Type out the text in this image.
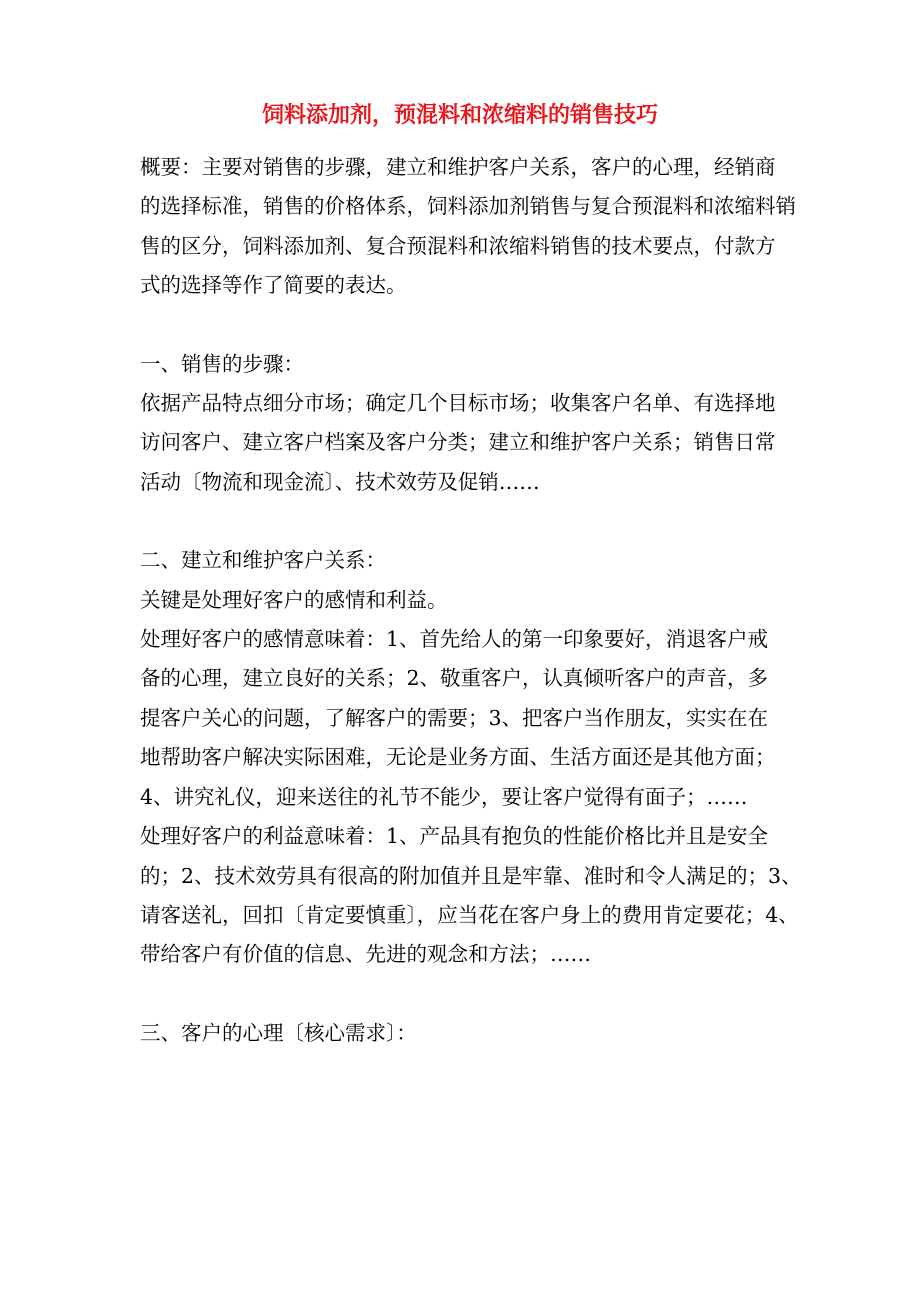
饲料添加剂，预混料和浓缩料的销售技巧

概要：主要对销售的步骤，建立和维护客户关系，客户的心理，经销商
的选择标准，销售的价格体系，饲料添加剂销售与复合预混料和浓缩料销
售的区分，饲料添加剂、复合预混料和浓缩料销售的技术要点，付款方
式的选择等作了简要的表达。

一、销售的步骤：

依据产品特点细分市场；确定几个目标市场；收集客户名单、有选择地
访问客户、建立客户档案及客户分类；建立和维护客户关系；销售日常
活动〔物流和现金流〕、技术效劳及促销……

二、建立和维护客户关系：

关键是处理好客户的感情和利益。

处理好客户的感情意味着：1、首先给人的第一印象要好，消退客户戒
备的心理，建立良好的关系；2、敬重客户，认真倾听客户的声音，多
提客户关心的问题，了解客户的需要；3、把客户当作朋友，实实在在
地帮助客户解决实际困难，无论是业务方面、生活方面还是其他方面；
4、讲究礼仪，迎来送往的礼节不能少，要让客户觉得有面子；……

处理好客户的利益意味着：1、产品具有抱负的性能价格比并且是安全
的；2、技术效劳具有很高的附加值并且是牢靠、准时和令人满足的；3、
请客送礼，回扣〔肯定要慎重〕，应当花在客户身上的费用肯定要花；4、
带给客户有价值的信息、先进的观念和方法；……

三、客户的心理〔核心需求〕：
